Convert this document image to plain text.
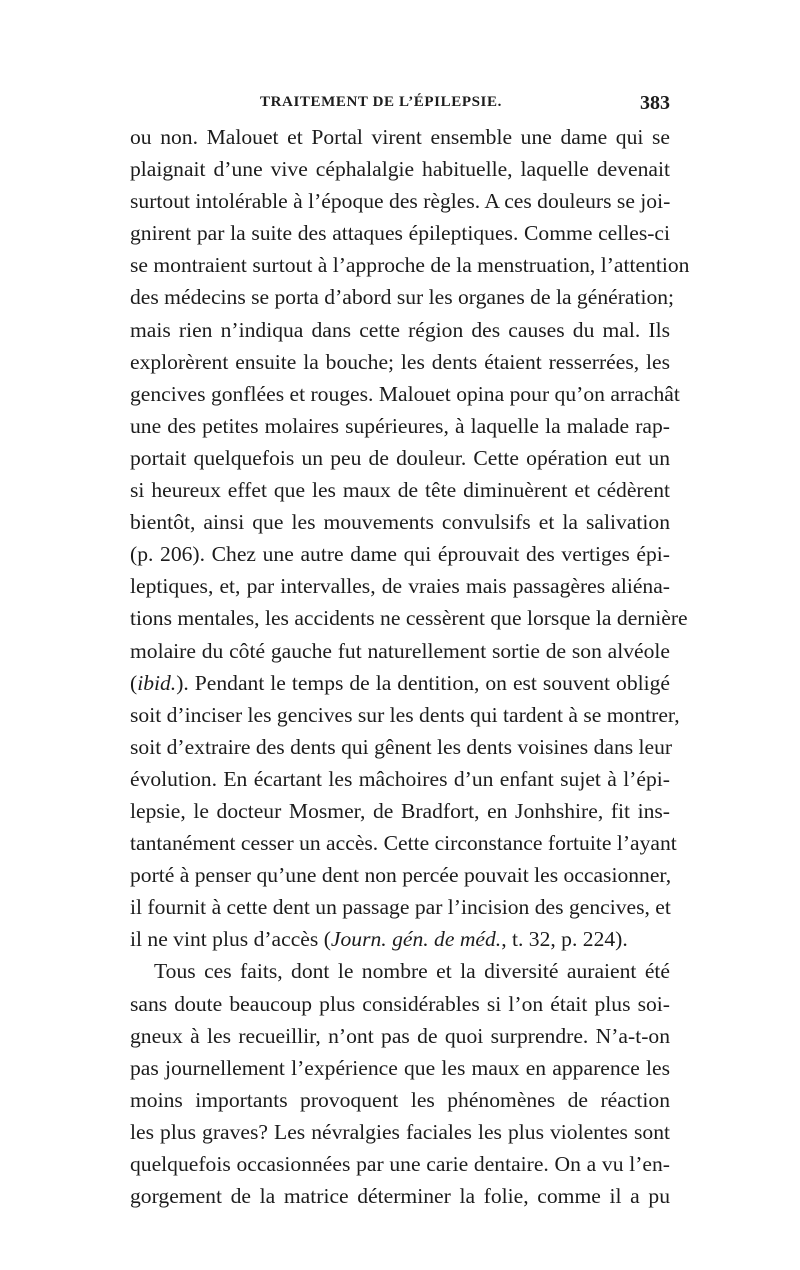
TRAITEMENT DE L’ÉPILEPSIE.	383
ou non. Malouet et Portal virent ensemble une dame qui se
plaignait d’une vive céphalalgie habituelle, laquelle devenait
surtout intolérable à l’époque des règles. A ces douleurs se joi-
gnirent par la suite des attaques épileptiques. Comme celles-ci
se montraient surtout à l’approche de la menstruation, l’attention
des médecins se porta d’abord sur les organes de la génération;
mais rien n’indiqua dans cette région des causes du mal. Ils
explorèrent ensuite la bouche; les dents étaient resserrées, les
gencives gonflées et rouges. Malouet opina pour qu’on arrachât
une des petites molaires supérieures, à laquelle la malade rap-
portait quelquefois un peu de douleur. Cette opération eut un
si heureux effet que les maux de tête diminuèrent et cédèrent
bientôt, ainsi que les mouvements convulsifs et la salivation
(p. 206). Chez une autre dame qui éprouvait des vertiges épi-
leptiques, et, par intervalles, de vraies mais passagères aliéna-
tions mentales, les accidents ne cessèrent que lorsque la dernière
molaire du côté gauche fut naturellement sortie de son alvéole
(ibid.). Pendant le temps de la dentition, on est souvent obligé
soit d’inciser les gencives sur les dents qui tardent à se montrer,
soit d’extraire des dents qui gênent les dents voisines dans leur
évolution. En écartant les mâchoires d’un enfant sujet à l’épi-
lepsie, le docteur Mosmer, de Bradfort, en Jonhshire, fit ins-
tantanément cesser un accès. Cette circonstance fortuite l’ayant
porté à penser qu’une dent non percée pouvait les occasionner,
il fournit à cette dent un passage par l’incision des gencives, et
il ne vint plus d’accès (Journ. gén. de méd., t. 32, p. 224).
Tous ces faits, dont le nombre et la diversité auraient été
sans doute beaucoup plus considérables si l’on était plus soi-
gneux à les recueillir, n’ont pas de quoi surprendre. N’a-t-on
pas journellement l’expérience que les maux en apparence les
moins importants provoquent les phénomènes de réaction
les plus graves? Les névralgies faciales les plus violentes sont
quelquefois occasionnées par une carie dentaire. On a vu l’en-
gorgement de la matrice déterminer la folie, comme il a pu
